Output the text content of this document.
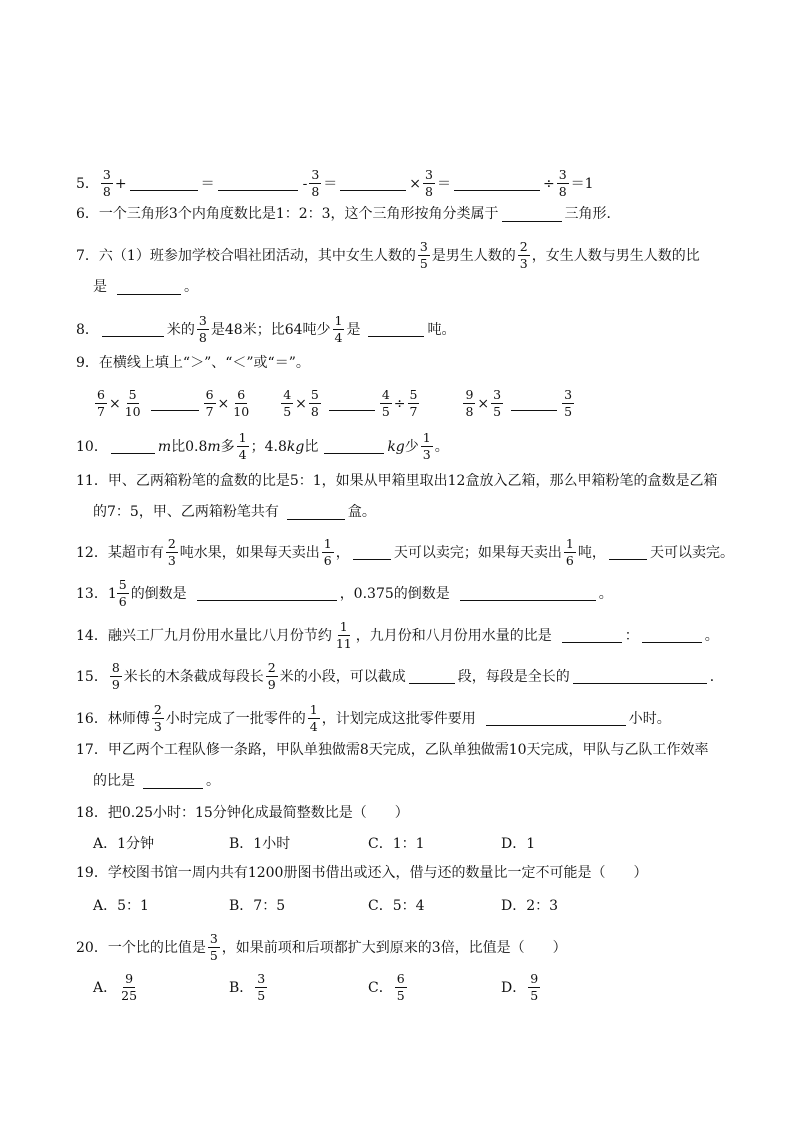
5． $\frac{3}{8}$ +	＝	- $\frac{3}{8}$ ＝	× $\frac{3}{8}$ ＝	÷ $\frac{3}{8} = 1$
6．一个三角形3个内角度数比是1：2：3，这个三角形按角分类属于	三角形．
7．六（1）班参加学校合唱社团活动，其中女生人数的 $\frac{3}{5}$ 是男生人数的 $\frac{2}{3}$ ，女生人数与男生人数的比
是	。
8．	米的 $\frac{3}{8}$ 是48米；比64吨少 $\frac{1}{4}$ 是	吨。
9．在横线上填上“＞”、“＜”或“＝”。
$\frac{6}{7} \times \frac{5}{10}$	$\frac{6}{7} \times \frac{6}{10} \frac{4}{5} \times \frac{5}{8}$	$\frac{4}{5} \div \frac{5}{7}$	$\frac{9}{8} \times \frac{3}{5}$	$\frac{3}{5}$
10．	m 比0.8 m 多 $\frac{1}{4}$ ；4.8 kg 比	kg 少 $\frac{1}{3}$ 。
11．甲、乙两箱粉笔的盒数的比是5：1，如果从甲箱里取出12盒放入乙箱，那么甲箱粉笔的盒数是乙箱
的7：5，甲、乙两箱粉笔共有	盒。
12．某超市有 $\frac{2}{3}$ 吨水果，如果每天卖出 $\frac{1}{6}$ ，	天可以卖完；如果每天卖出 $\frac{1}{6}$ 吨，	天可以卖完。
13．$1 \frac{5}{6}$ 的倒数是	，0.375的倒数是	。
14．融兴工厂九月份用水量比八月份节约 $\frac{1}{11}$ ，九月份和八月份用水量的比是	：	。
15． $\frac{8}{9}$ 米长的木条截成每段长 $\frac{2}{9}$ 米的小段，可以截成	段，每段是全长的	．
16．林师傅 $\frac{2}{3}$ 小时完成了一批零件的 $\frac{1}{4}$ ，计划完成这批零件要用	小时。
17．甲乙两个工程队修一条路，甲队单独做需8天完成，乙队单独做需10天完成，甲队与乙队工作效率
的比是	。
18．把0.25小时：15分钟化成最简整数比是（　　）
A．1分钟	B．1小时	C．1：1	D．1
19．学校图书馆一周内共有1200册图书借出或还入，借与还的数量比一定不可能是（　　）
A．5：1	B．7：5	C．5：4	D．2：3
20．一个比的比值是 $\frac{3}{5}$ ，如果前项和后项都扩大到原来的3倍，比值是（　　）
A． $\frac{9}{25}$	B． $\frac{3}{5}$	C． $\frac{6}{5}$	D． $\frac{9}{5}$
